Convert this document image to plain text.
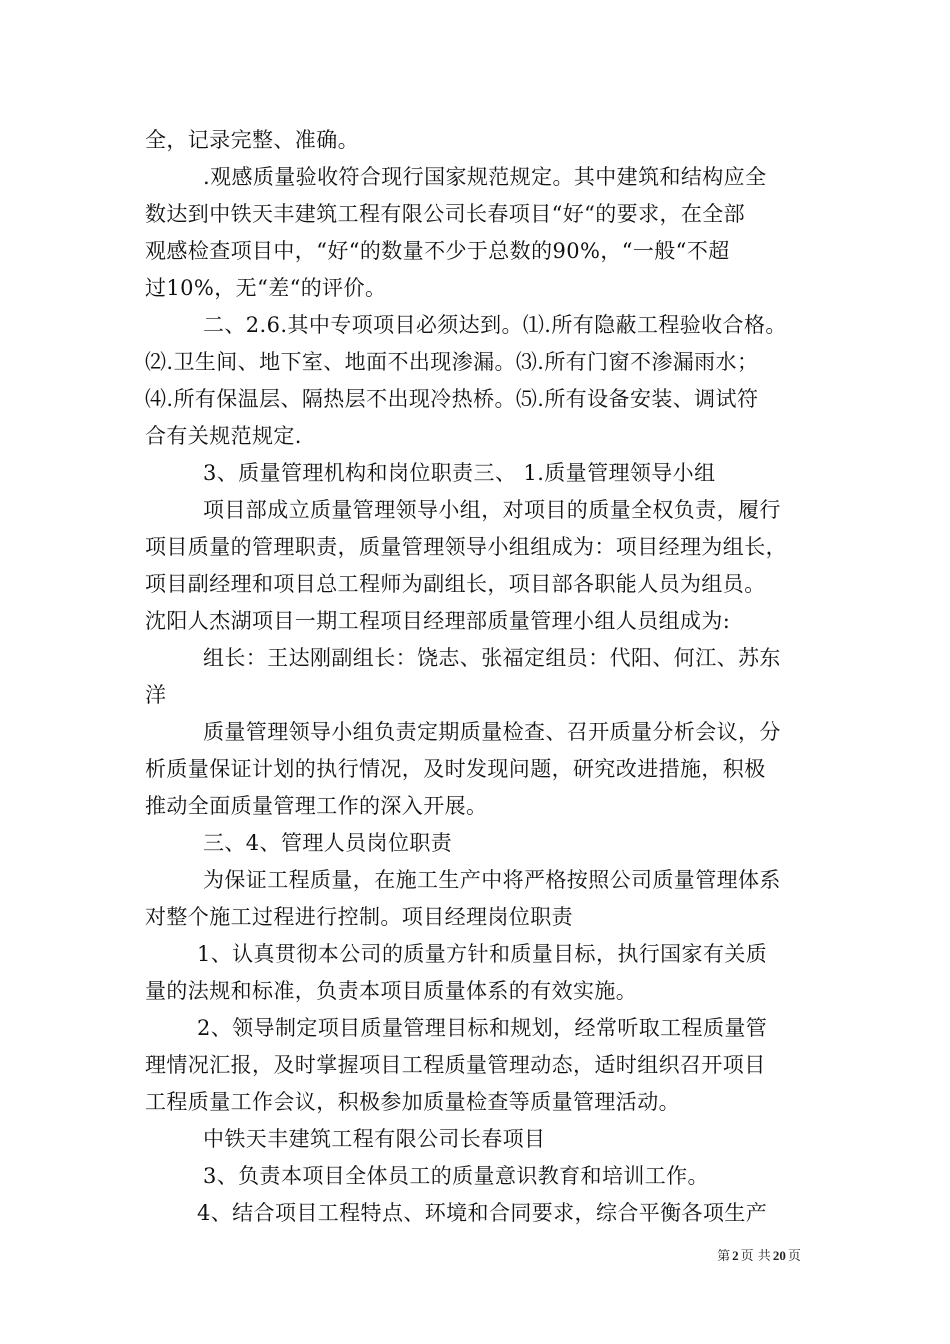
全，记录完整、准确。
.观感质量验收符合现行国家规范规定。其中建筑和结构应全
数达到中铁天丰建筑工程有限公司长春项目“好“的要求，在全部
观感检查项目中，“好“的数量不少于总数的90%，“一般“不超
过10%，无“差“的评价。
二、2.6.其中专项项目必须达到。⑴.所有隐蔽工程验收合格。
⑵.卫生间、地下室、地面不出现渗漏。⑶.所有门窗不渗漏雨水；
⑷.所有保温层、隔热层不出现冷热桥。⑸.所有设备安装、调试符
合有关规范规定.
3、质量管理机构和岗位职责三、 1.质量管理领导小组
项目部成立质量管理领导小组，对项目的质量全权负责，履行
项目质量的管理职责，质量管理领导小组组成为：项目经理为组长，
项目副经理和项目总工程师为副组长，项目部各职能人员为组员。
沈阳人杰湖项目一期工程项目经理部质量管理小组人员组成为:
组长：王达刚副组长：饶志、张福定组员：代阳、何江、苏东
洋
质量管理领导小组负责定期质量检查、召开质量分析会议，分
析质量保证计划的执行情况，及时发现问题，研究改进措施，积极
推动全面质量管理工作的深入开展。
三、4、管理人员岗位职责
为保证工程质量，在施工生产中将严格按照公司质量管理体系
对整个施工过程进行控制。项目经理岗位职责
1、认真贯彻本公司的质量方针和质量目标，执行国家有关质
量的法规和标准，负责本项目质量体系的有效实施。
2、领导制定项目质量管理目标和规划，经常听取工程质量管
理情况汇报，及时掌握项目工程质量管理动态，适时组织召开项目
工程质量工作会议，积极参加质量检查等质量管理活动。
中铁天丰建筑工程有限公司长春项目
3、负责本项目全体员工的质量意识教育和培训工作。
4、结合项目工程特点、环境和合同要求，综合平衡各项生产
第 2 页 共 20 页
